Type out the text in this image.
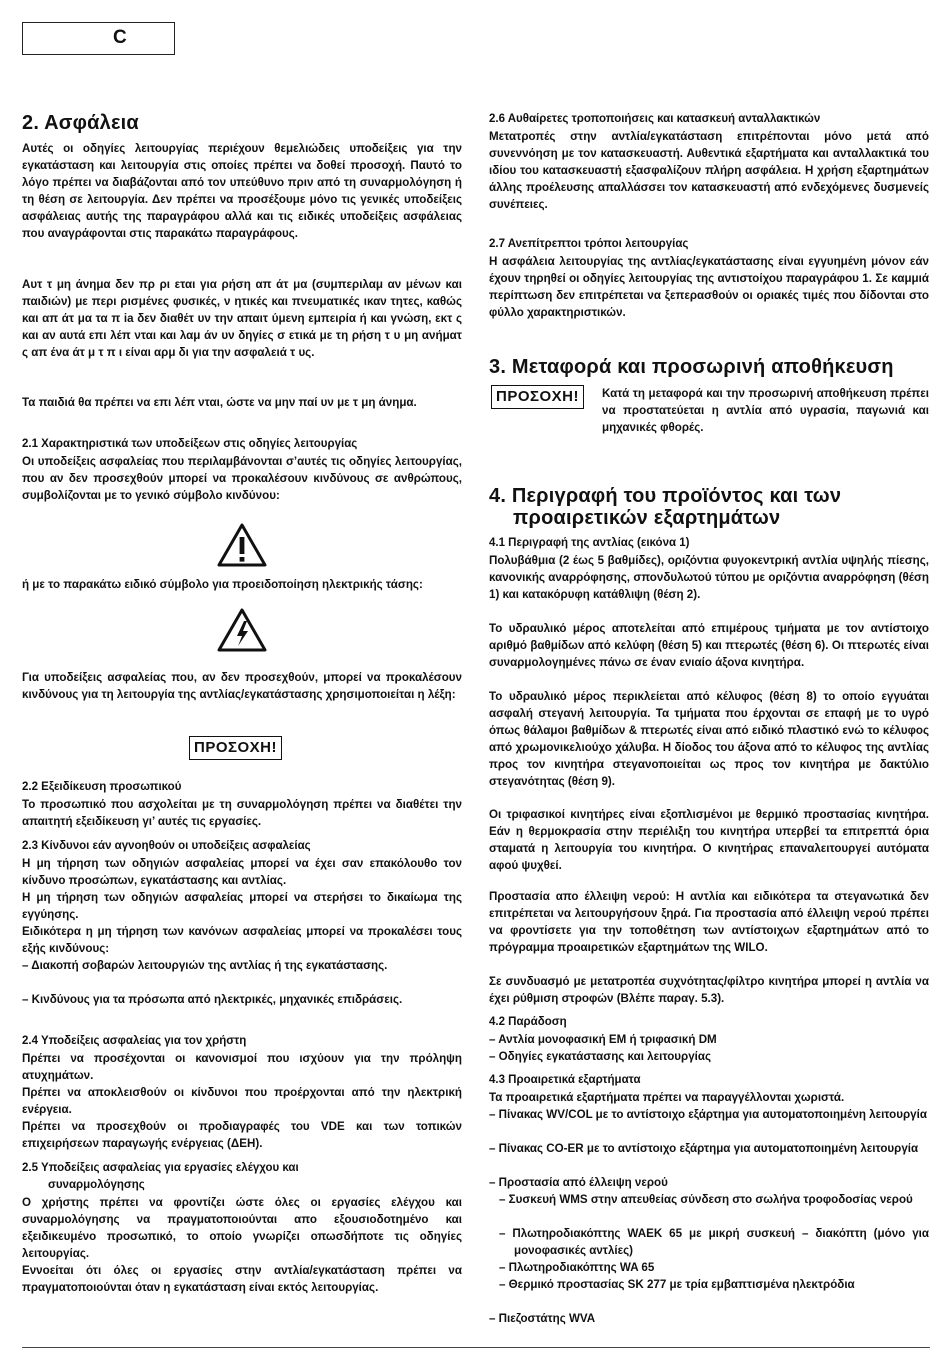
C
2. Ασφάλεια

Αυτές οι οδηγίες λειτουργίας περιέχουν θεμελιώδεις υποδείξεις για την εγκατάσταση και λειτουργία στις οποίες πρέπει να δοθεί προσοχή. Παυτό το λόγο πρέπει να διαβάζονται από τον υπεύθυνο πριν από τη συναρμολόγηση ή τη θέση σε λειτουργία. Δεν πρέπει να προσέξουμε μόνο τις γενικές υποδείξεις ασφάλειας αυτής της παραγράφου αλλά και τις ειδικές υποδείξεις ασφάλειας που αναγράφονται στις παρακάτω παραγράφους.

Αυτ τ μη άνημα δεν πρ ρι εται για ρήση απ άτ μα (συμπεριλαμ αν μένων και παιδιών) με περι ρισμένες φυσικές, ν ητικές και πνευματικές ικαν τητες, καθώς και απ άτ μα τα π ia δεν διαθέτ υν την απαιτ ύμενη εμπειρία ή και γνώση, εκτ ς και αν αυτά επι λέπ νται και λαμ άν υν δηγίες σ ετικά με τη ρήση τ υ μη ανήματ ς απ ένα άτ μ τ π ι είναι αρμ δι για την ασφαλειά τ υς.

Τα παιδιά θα πρέπει να επι λέπ νται, ώστε να μην παί υν με τ μη άνημα.

2.1 Χαρακτηριστικά των υποδείξεων στις οδηγίες λειτουργίας

Οι υποδείξεις ασφαλείας που περιλαμβάνονται σ’αυτές τις οδηγίες λειτουργίας, που αν δεν προσεχθούν μπορεί να προκαλέσουν κινδύνους σε ανθρώπους, συμβολίζονται με το γενικό σύμβολο κινδύνου:

ή με το παρακάτω ειδικό σύμβολο για προειδοποίηση ηλεκτρικής τάσης:

Για υποδείξεις ασφαλείας που, αν δεν προσεχθούν, μπορεί να προκαλέσουν κινδύνους για τη λειτουργία της αντλίας/εγκατάστασης χρησιμοποιείται η λέξη:

ΠΡΟΣΟΧΗ!
2.2 Εξειδίκευση προσωπικού

Το προσωπικό που ασχολείται με τη συναρμολόγηση πρέπει να διαθέτει την απαιτητή εξειδίκευση γι’ αυτές τις εργασίες.

2.3 Κίνδυνοι εάν αγνοηθούν οι υποδείξεις ασφαλείας

Η μη τήρηση των οδηγιών ασφαλείας μπορεί να έχει σαν επακόλουθο τον κίνδυνο προσώπων, εγκατάστασης και αντλίας.

Η μη τήρηση των οδηγιών ασφαλείας μπορεί να στερήσει το δικαίωμα της εγγύησης.

Ειδικότερα η μη τήρηση των κανόνων ασφαλείας μπορεί να προκαλέσει τους εξής κινδύνους:

– Διακοπή σοβαρών λειτουργιών της αντλίας ή της εγκατάστασης.

– Κινδύνους για τα πρόσωπα από ηλεκτρικές, μηχανικές επιδράσεις.

2.4 Υποδείξεις ασφαλείας για τον χρήστη

Πρέπει να προσέχονται οι κανονισμοί που ισχύουν για την πρόληψη ατυχημάτων.

Πρέπει να αποκλεισθούν οι κίνδυνοι που προέρχονται από την ηλεκτρική ενέργεια.

Πρέπει να προσεχθούν οι προδιαγραφές του VDE και των τοπικών επιχειρήσεων παραγωγής ενέργειας (ΔΕΗ).

2.5 Υποδείξεις ασφαλείας για εργασίες ελέγχου και
συναρμολόγησης

Ο χρήστης πρέπει να φροντίζει ώστε όλες οι εργασίες ελέγχου και συναρμολόγησης να πραγματοποιούνται απο εξουσιοδοτημένο και εξειδικευμένο προσωπικό, το οποίο γνωρίζει οπωσδήποτε τις οδηγίες λειτουργίας.

Εννοείται ότι όλες οι εργασίες στην αντλία/εγκατάσταση πρέπει να πραγματοποιούνται όταν η εγκατάσταση είναι εκτός λειτουργίας.

2.6 Αυθαίρετες τροποποιήσεις και κατασκευή ανταλλακτικών

Μετατροπές στην αντλία/εγκατάσταση επιτρέπονται μόνο μετά από συνεννόηση με τον κατασκευαστή. Αυθεντικά εξαρτήματα και ανταλλακτικά του ιδίου του κατασκευαστή εξασφαλίζουν πλήρη ασφάλεια. Η χρήση εξαρτημάτων άλλης προέλευσης απαλλάσσει τον κατασκευαστή από ενδεχόμενες δυσμενείς συνέπειες.

2.7 Ανεπίτρεπτοι τρόποι λειτουργίας

Η ασφάλεια λειτουργίας της αντλίας/εγκατάστασης είναι εγγυημένη μόνον εάν έχουν τηρηθεί οι οδηγίες λειτουργίας της αντιστοίχου παραγράφου 1. Σε καμμιά περίπτωση δεν επιτρέπεται να ξεπερασθούν οι οριακές τιμές που δίδονται στο φύλλο χαρακτηριστικών.

3. Μεταφορά και προσωρινή αποθήκευση
ΠΡΟΣΟΧΗ!	Κατά τη μεταφορά και την προσωρινή αποθήκευση πρέπει να προστατεύεται η αντλία από υγρασία, παγωνιά και μηχανικές φθορές.

4. Περιγραφή του προϊόντος και των
προαιρετικών εξαρτημάτων
4.1 Περιγραφή της αντλίας (εικόνα 1)

Πολυβάθμια (2 έως 5 βαθμίδες), οριζόντια φυγοκεντρική αντλία υψηλής πίεσης, κανονικής αναρρόφησης, σπονδυλωτού τύπου με οριζόντια αναρρόφηση (θέση 1) και κατακόρυφη κατάθλιψη (θέση 2).

Το υδραυλικό μέρος αποτελείται από επιμέρους τμήματα με τον αντίστοιχο αριθμό βαθμίδων από κελύφη (θέση 5) και πτερωτές (θέση 6). Οι πτερωτές είναι συναρμολογημένες πάνω σε έναν ενιαίο άξονα κινητήρα.

Το υδραυλικό μέρος περικλείεται από κέλυφος (θέση 8) το οποίο εγγυάται ασφαλή στεγανή λειτουργία. Τα τμήματα που έρχονται σε επαφή με το υγρό όπως θάλαμοι βαθμίδων & πτερωτές είναι από ειδικό πλαστικό ενώ το κέλυφος από χρωμονικελιούχο χάλυβα. Η δίοδος του άξονα από το κέλυφος της αντλίας προς τον κινητήρα στεγανοποιείται ως προς τον κινητήρα με δακτύλιο στεγανότητας (θέση 9).

Οι τριφασικοί κινητήρες είναι εξοπλισμένοι με θερμικό προστασίας κινητήρα. Εάν η θερμοκρασία στην περιέλιξη του κινητήρα υπερβεί τα επιτρεπτά όρια σταματά η λειτουργία του κινητήρα. Ο κινητήρας επαναλειτουργεί αυτόματα αφού ψυχθεί.

Προστασία απο έλλειψη νερού: Η αντλία και ειδικότερα τα στεγανωτικά δεν επιτρέπεται να λειτουργήσουν ξηρά. Για προστασία από έλλειψη νερού πρέπει να φροντίσετε για την τοποθέτηση των αντίστοιχων εξαρτημάτων από το πρόγραμμα προαιρετικών εξαρτημάτων της WILO.

Σε συνδυασμό με μετατροπέα συχνότητας/φίλτρο κινητήρα μπορεί η αντλία να έχει ρύθμιση στροφών (Βλέπε παραγ. 5.3).

4.2 Παράδοση

– Αντλία μονοφασική EM ή τριφασική DM

– Οδηγίες εγκατάστασης και λειτουργίας

4.3 Προαιρετικά εξαρτήματα

Τα προαιρετικά εξαρτήματα πρέπει να παραγγέλλονται χωριστά.

– Πίνακας WV/COL με το αντίστοιχο εξάρτημα για αυτοματοποιημένη λειτουργία

– Πίνακας CO-ER με το αντίστοιχο εξάρτημα για αυτοματοποιημένη λειτουργία

– Προστασία από έλλειψη νερού

– Συσκευή WMS στην απευθείας σύνδεση στο σωλήνα τροφοδοσίας νερού

– Πλωτηροδιακόπτης WAEK 65 με μικρή συσκευή – διακόπτη (μόνο για μονοφασικές αντλίες)

– Πλωτηροδιακόπτης WA 65

– Θερμικό προστασίας SK 277 με τρία εμβαπτισμένα ηλεκτρόδια

– Πιεζοστάτης WVA
